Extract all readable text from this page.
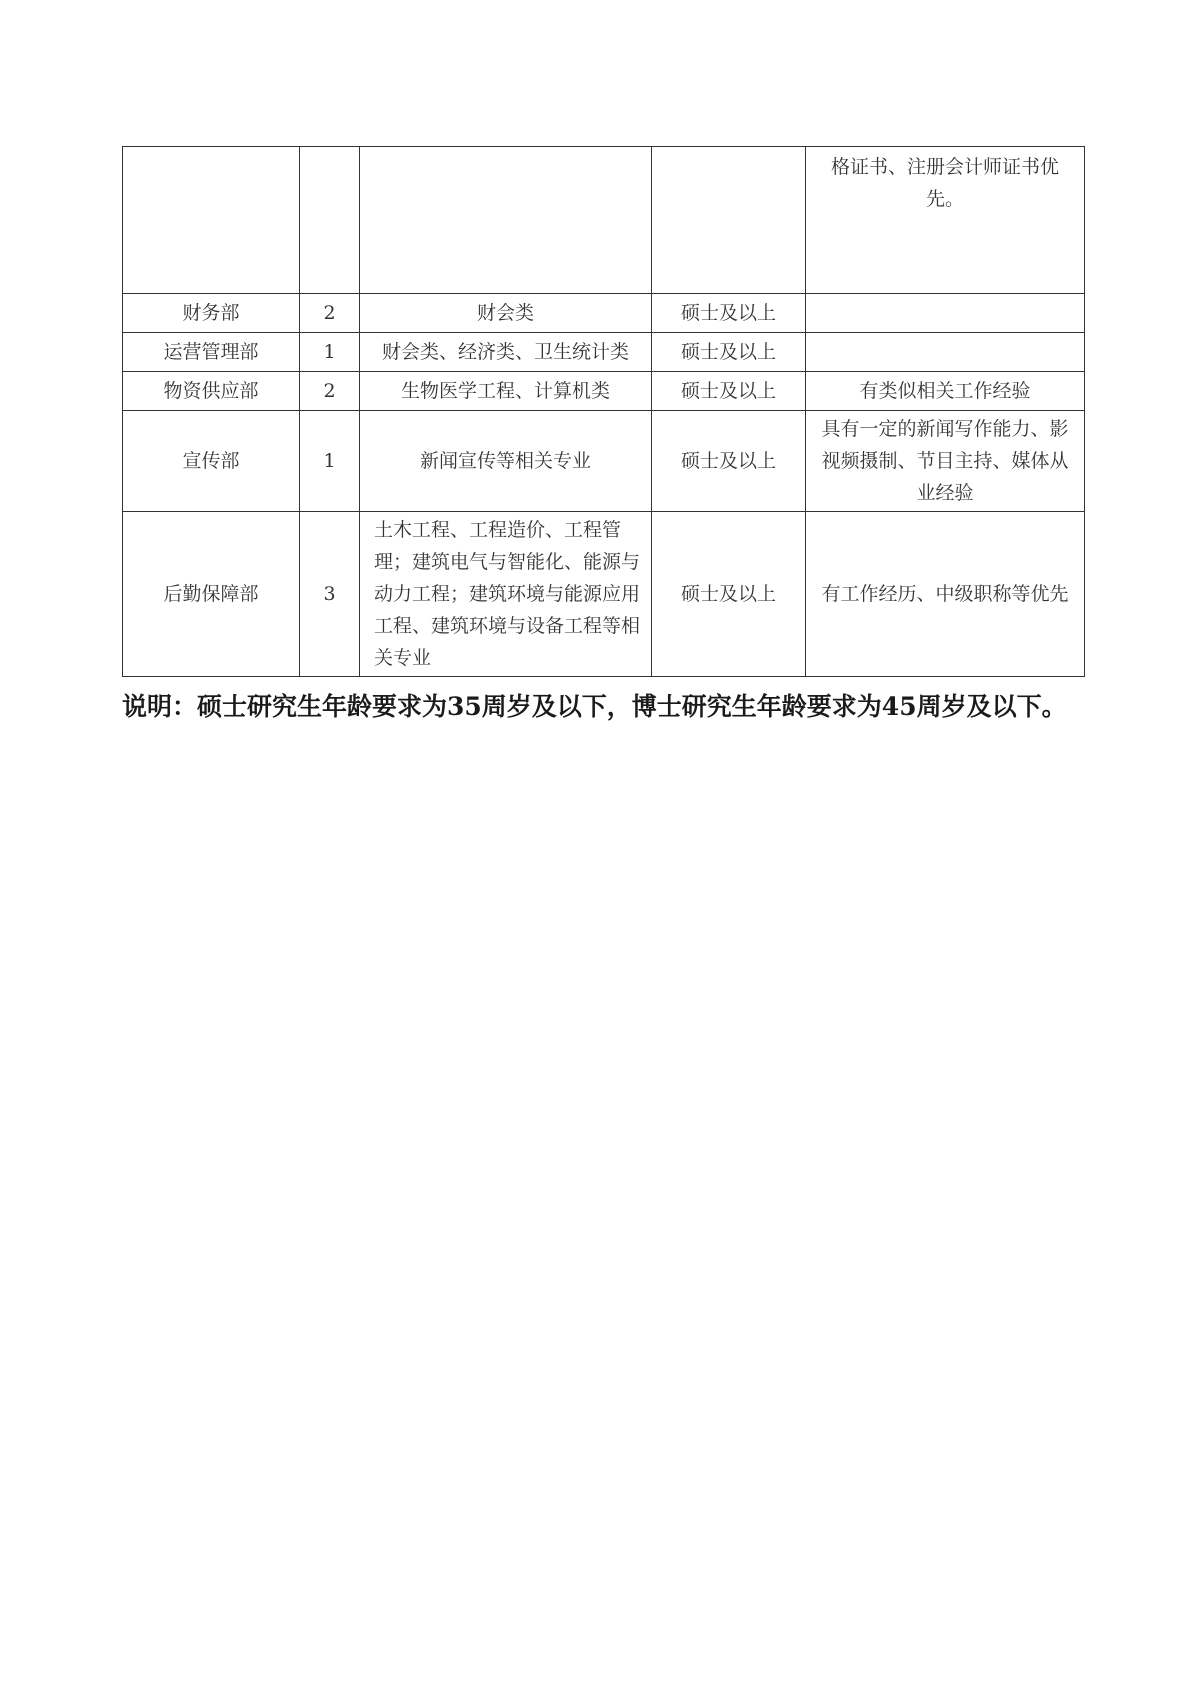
				格证书、注册会计师证书优先。
财务部	2	财会类	硕士及以上	
运营管理部	1	财会类、经济类、卫生统计类	硕士及以上	
物资供应部	2	生物医学工程、计算机类	硕士及以上	有类似相关工作经验
宣传部	1	新闻宣传等相关专业	硕士及以上	具有一定的新闻写作能力、影视频摄制、节目主持、媒体从业经验
后勤保障部	3	土木工程、工程造价、工程管理；建筑电气与智能化、能源与动力工程；建筑环境与能源应用工程、建筑环境与设备工程等相关专业	硕士及以上	有工作经历、中级职称等优先
说明：硕士研究生年龄要求为35周岁及以下，博士研究生年龄要求为45周岁及以下。
